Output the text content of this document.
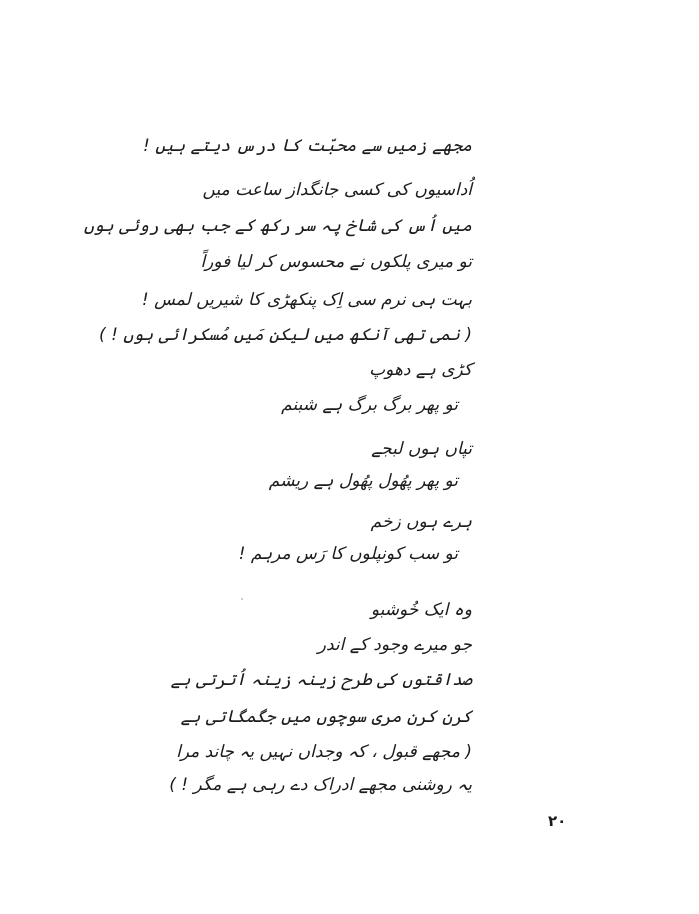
مجھے زمیں سے محبّت کا درس دیتے ہیں !
اُداسیوں کی کسی جانگداز ساعت میں
میں اُس کی شاخ پہ سر رکھ کے جب بھی روئی ہوں
تو میری پلکوں نے محسوس کر لیا فوراً
بہت ہی نرم سی اِک پنکھڑی کا شیریں لمس !
( نمی تھی آنکھ میں لیکن مَیں مُسکرائی ہوں ! )
کڑی ہے دھوپ
تو پھر برگ برگ ہے شبنم
تپاں ہوں لبجے
تو پھر پھُول پھُول ہے ریشم
ہرے ہوں زخم
تو سب کونپلوں کا رَس مرہم !
وہ ایک خُوشبو
جو میرے وجود کے اندر
صداقتوں کی طرح زینہ زینہ اُترتی ہے
کرن کرن مری سوچوں میں جگمگاتی ہے
( مجھے قبول ، کہ وجداں نہیں یہ چاند مرا
یہ روشنی مجھے ادراک دے رہی ہے مگر ! )
۲۰
